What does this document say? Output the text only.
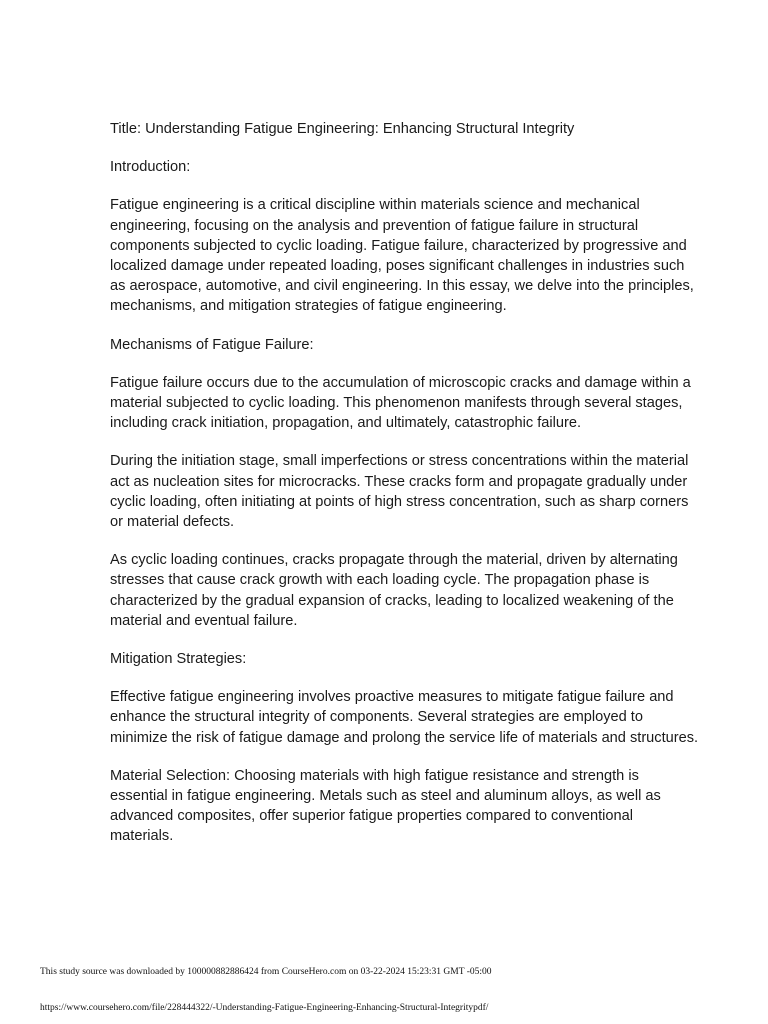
Title: Understanding Fatigue Engineering: Enhancing Structural Integrity

Introduction:

Fatigue engineering is a critical discipline within materials science and mechanical engineering, focusing on the analysis and prevention of fatigue failure in structural components subjected to cyclic loading. Fatigue failure, characterized by progressive and localized damage under repeated loading, poses significant challenges in industries such as aerospace, automotive, and civil engineering. In this essay, we delve into the principles, mechanisms, and mitigation strategies of fatigue engineering.

Mechanisms of Fatigue Failure:

Fatigue failure occurs due to the accumulation of microscopic cracks and damage within a material subjected to cyclic loading. This phenomenon manifests through several stages, including crack initiation, propagation, and ultimately, catastrophic failure.

During the initiation stage, small imperfections or stress concentrations within the material act as nucleation sites for microcracks. These cracks form and propagate gradually under cyclic loading, often initiating at points of high stress concentration, such as sharp corners or material defects.

As cyclic loading continues, cracks propagate through the material, driven by alternating stresses that cause crack growth with each loading cycle. The propagation phase is characterized by the gradual expansion of cracks, leading to localized weakening of the material and eventual failure.

Mitigation Strategies:

Effective fatigue engineering involves proactive measures to mitigate fatigue failure and enhance the structural integrity of components. Several strategies are employed to minimize the risk of fatigue damage and prolong the service life of materials and structures.

Material Selection: Choosing materials with high fatigue resistance and strength is essential in fatigue engineering. Metals such as steel and aluminum alloys, as well as advanced composites, offer superior fatigue properties compared to conventional materials.

This study source was downloaded by 100000882886424 from CourseHero.com on 03-22-2024 15:23:31 GMT -05:00
https://www.coursehero.com/file/228444322/-Understanding-Fatigue-Engineering-Enhancing-Structural-Integritypdf/
